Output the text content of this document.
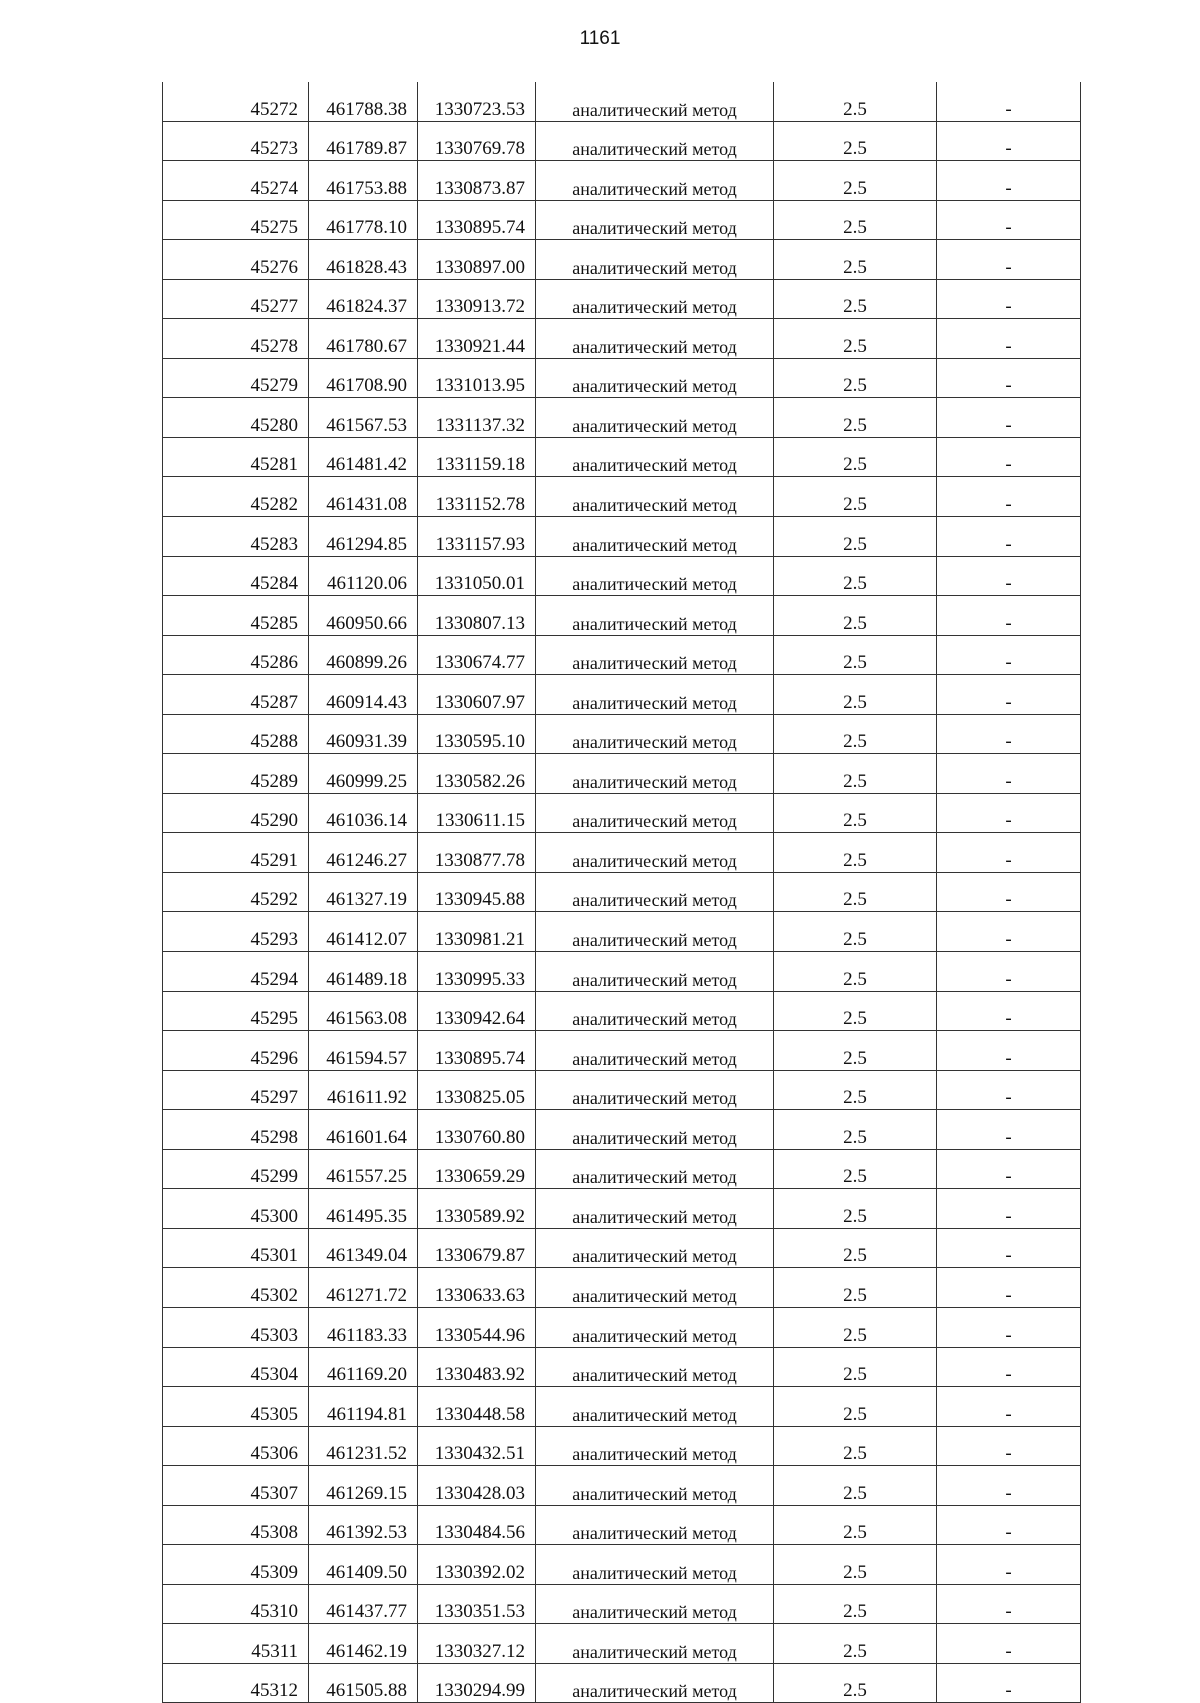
1161
45272	461788.38	1330723.53	аналитический метод	2.5	-
45273	461789.87	1330769.78	аналитический метод	2.5	-
45274	461753.88	1330873.87	аналитический метод	2.5	-
45275	461778.10	1330895.74	аналитический метод	2.5	-
45276	461828.43	1330897.00	аналитический метод	2.5	-
45277	461824.37	1330913.72	аналитический метод	2.5	-
45278	461780.67	1330921.44	аналитический метод	2.5	-
45279	461708.90	1331013.95	аналитический метод	2.5	-
45280	461567.53	1331137.32	аналитический метод	2.5	-
45281	461481.42	1331159.18	аналитический метод	2.5	-
45282	461431.08	1331152.78	аналитический метод	2.5	-
45283	461294.85	1331157.93	аналитический метод	2.5	-
45284	461120.06	1331050.01	аналитический метод	2.5	-
45285	460950.66	1330807.13	аналитический метод	2.5	-
45286	460899.26	1330674.77	аналитический метод	2.5	-
45287	460914.43	1330607.97	аналитический метод	2.5	-
45288	460931.39	1330595.10	аналитический метод	2.5	-
45289	460999.25	1330582.26	аналитический метод	2.5	-
45290	461036.14	1330611.15	аналитический метод	2.5	-
45291	461246.27	1330877.78	аналитический метод	2.5	-
45292	461327.19	1330945.88	аналитический метод	2.5	-
45293	461412.07	1330981.21	аналитический метод	2.5	-
45294	461489.18	1330995.33	аналитический метод	2.5	-
45295	461563.08	1330942.64	аналитический метод	2.5	-
45296	461594.57	1330895.74	аналитический метод	2.5	-
45297	461611.92	1330825.05	аналитический метод	2.5	-
45298	461601.64	1330760.80	аналитический метод	2.5	-
45299	461557.25	1330659.29	аналитический метод	2.5	-
45300	461495.35	1330589.92	аналитический метод	2.5	-
45301	461349.04	1330679.87	аналитический метод	2.5	-
45302	461271.72	1330633.63	аналитический метод	2.5	-
45303	461183.33	1330544.96	аналитический метод	2.5	-
45304	461169.20	1330483.92	аналитический метод	2.5	-
45305	461194.81	1330448.58	аналитический метод	2.5	-
45306	461231.52	1330432.51	аналитический метод	2.5	-
45307	461269.15	1330428.03	аналитический метод	2.5	-
45308	461392.53	1330484.56	аналитический метод	2.5	-
45309	461409.50	1330392.02	аналитический метод	2.5	-
45310	461437.77	1330351.53	аналитический метод	2.5	-
45311	461462.19	1330327.12	аналитический метод	2.5	-
45312	461505.88	1330294.99	аналитический метод	2.5	-
